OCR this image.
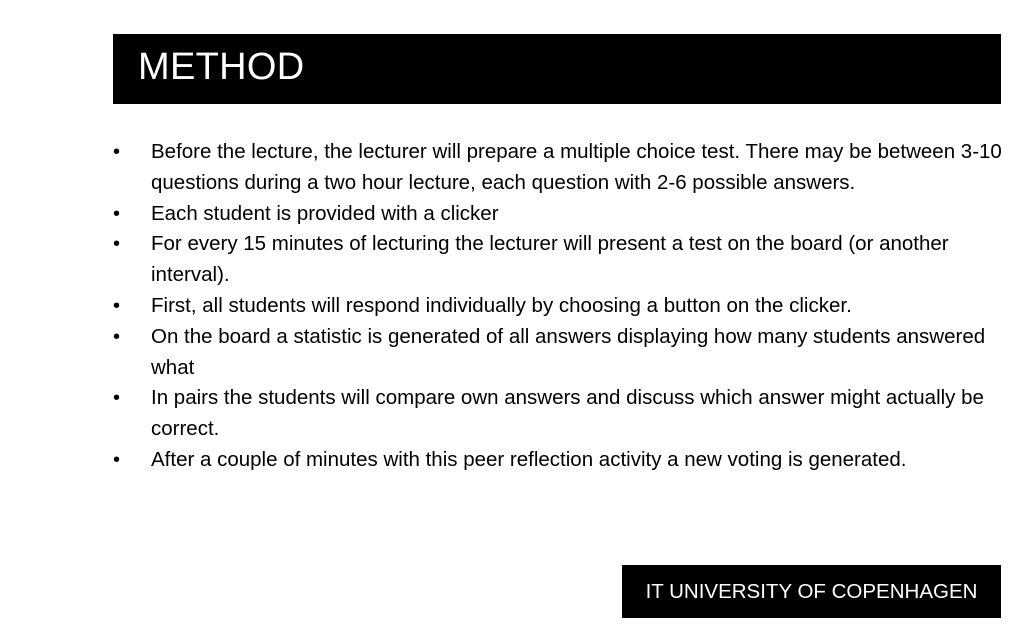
METHOD
•	Before the lecture, the lecturer will prepare a multiple choice test. There may be between 3-10 questions during a two hour lecture, each question with 2-6 possible answers.
•	Each student is provided with a clicker
•	For every 15 minutes of lecturing the lecturer will present a test on the board (or another interval).
•	First, all students will respond individually by choosing a button on the clicker.
•	On the board a statistic is generated of all answers displaying how many students answered what
•	In pairs the students will compare own answers and discuss which answer might actually be correct.
•	After a couple of minutes with this peer reflection activity a new voting is generated.
IT UNIVERSITY OF COPENHAGEN
